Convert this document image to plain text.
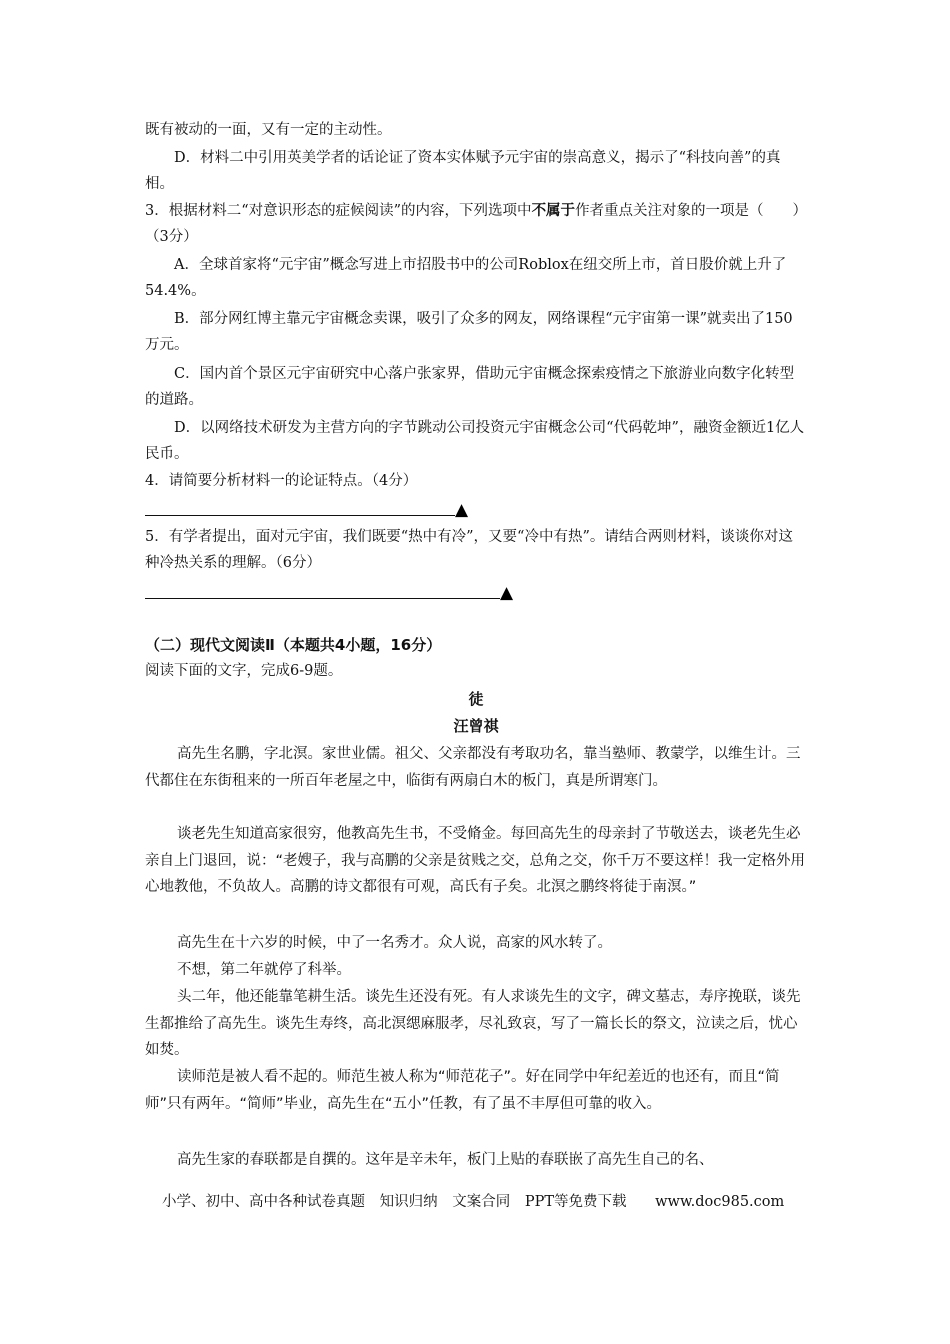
既有被动的一面，又有一定的主动性。

D．材料二中引用英美学者的话论证了资本实体赋予元宇宙的崇高意义，揭示了“科技向善”的真相。

3．根据材料二“对意识形态的症候阅读”的内容，下列选项中不属于作者重点关注对象的一项是（　　）（3分）

A．全球首家将“元宇宙”概念写进上市招股书中的公司Roblox在纽交所上市，首日股价就上升了54.4%。

B．部分网红博主靠元宇宙概念卖课，吸引了众多的网友，网络课程“元宇宙第一课”就卖出了150万元。

C．国内首个景区元宇宙研究中心落户张家界，借助元宇宙概念探索疫情之下旅游业向数字化转型的道路。

D．以网络技术研发为主营方向的字节跳动公司投资元宇宙概念公司“代码乾坤”，融资金额近1亿人民币。

4．请简要分析材料一的论证特点。（4分）

▲

5．有学者提出，面对元宇宙，我们既要“热中有冷”，又要“冷中有热”。请结合两则材料，谈谈你对这种冷热关系的理解。（6分）

▲

（二）现代文阅读Ⅱ（本题共4小题，16分）

阅读下面的文字，完成6-9题。

徒

汪曾祺

高先生名鹏，字北溟。家世业儒。祖父、父亲都没有考取功名，靠当塾师、教蒙学，以维生计。三代都住在东街租来的一所百年老屋之中，临街有两扇白木的板门，真是所谓寒门。

谈老先生知道高家很穷，他教高先生书，不受脩金。每回高先生的母亲封了节敬送去，谈老先生必亲自上门退回，说：“老嫂子，我与高鹏的父亲是贫贱之交，总角之交，你千万不要这样！我一定格外用心地教他，不负故人。高鹏的诗文都很有可观，高氏有子矣。北溟之鹏终将徒于南溟。”

高先生在十六岁的时候，中了一名秀才。众人说，高家的风水转了。

不想，第二年就停了科举。

头二年，他还能靠笔耕生活。谈先生还没有死。有人求谈先生的文字，碑文墓志，寿序挽联，谈先生都推给了高先生。谈先生寿终，高北溟缌麻服孝，尽礼致哀，写了一篇长长的祭文，泣读之后，忧心如焚。

读师范是被人看不起的。师范生被人称为“师范花子”。好在同学中年纪差近的也还有，而且“简师”只有两年。“简师”毕业，高先生在“五小”任教，有了虽不丰厚但可靠的收入。

高先生家的春联都是自撰的。这年是辛未年，板门上贴的春联嵌了高先生自己的名、

小学、初中、高中各种试卷真题 知识归纳 文案合同 PPT等免费下载 www.doc985.com
